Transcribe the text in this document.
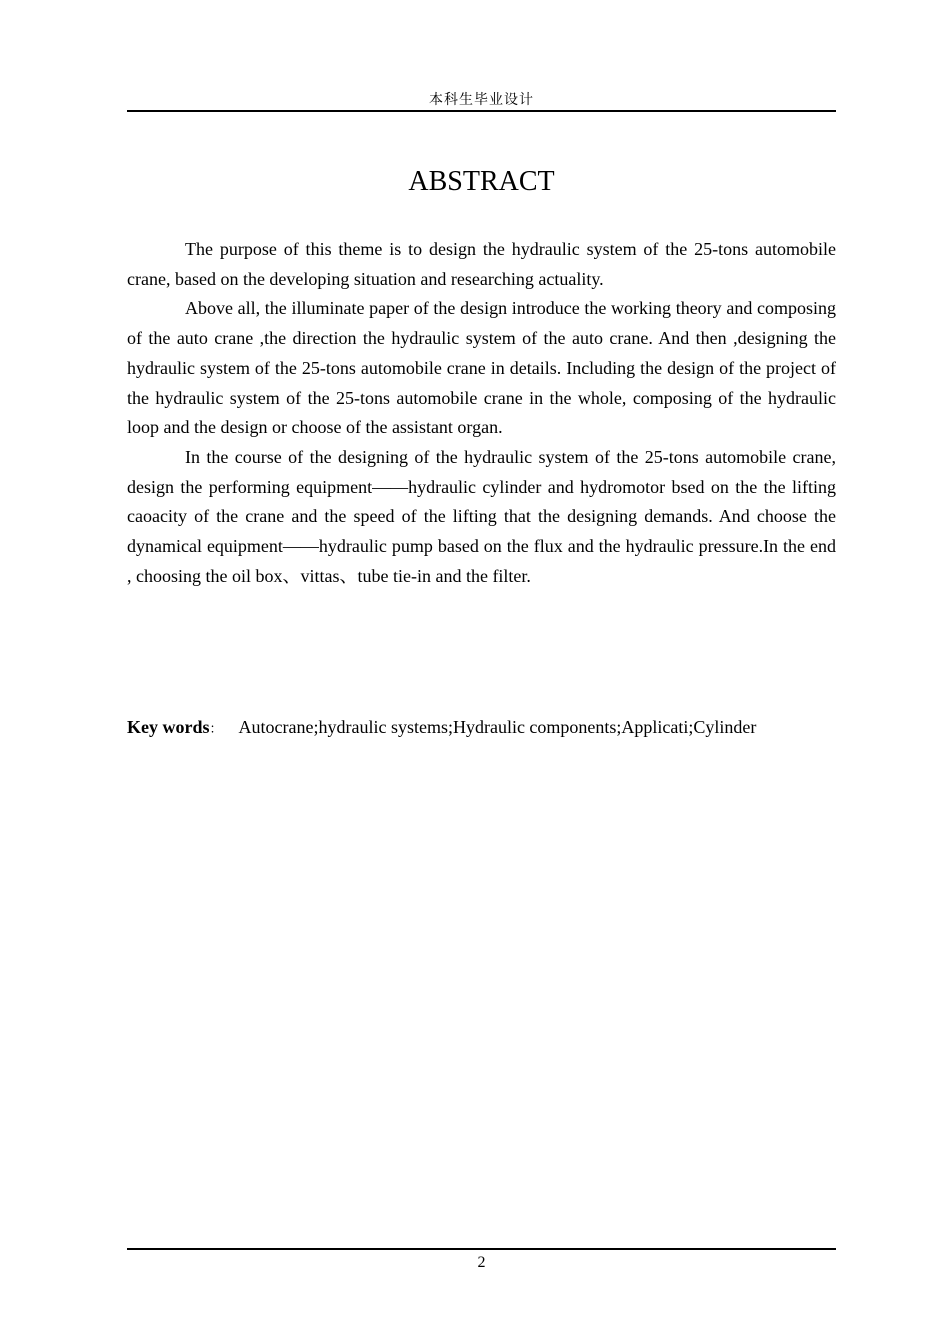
本科生毕业设计
ABSTRACT

The purpose of this theme is to design the hydraulic system of the 25-tons automobile crane, based on the developing situation and researching actuality.

Above all, the illuminate paper of the design introduce the working theory and composing of the auto crane ,the direction the hydraulic system of the auto crane. And then ,designing the hydraulic system of the 25-tons automobile crane in details. Including the design of the project of the hydraulic system of the 25-tons automobile crane in the whole, composing of the hydraulic loop and the design or choose of the assistant organ.

In the course of the designing of the hydraulic system of the 25-tons automobile crane, design the performing equipment——hydraulic cylinder and hydromotor bsed on the the lifting caoacity of the crane and the speed of the lifting that the designing demands. And choose the dynamical equipment——hydraulic pump based on the flux and the hydraulic pressure.In the end , choosing the oil box、vittas、tube tie-in and the filter.

Key words： Autocrane;hydraulic systems;Hydraulic components;Applicati;Cylinder
2
